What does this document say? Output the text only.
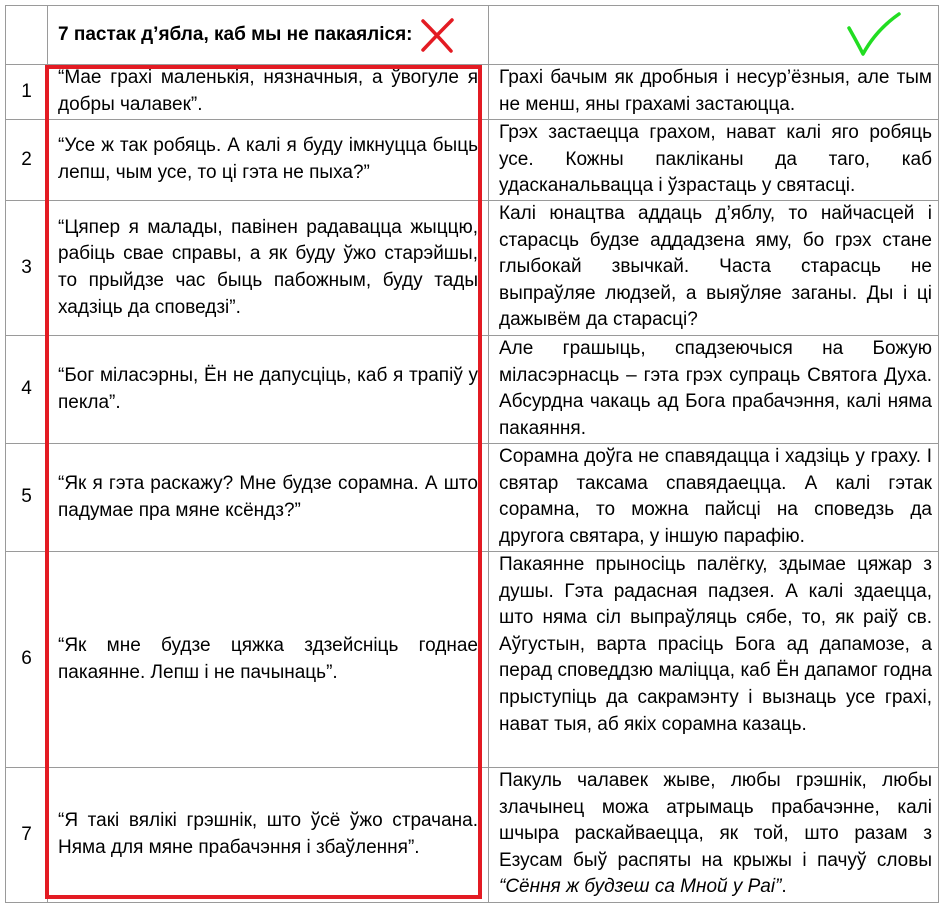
	7 пастак д’ябла, каб мы не пакаяліся:

1	“Мае грахі маленькія, нязначныя, а ўвогуле я добры чалавек”.	Грахі бачым як дробныя і несур’ёзныя, але тым не менш, яны грахамі застаюцца.
2	“Усе ж так робяць. А калі я буду імкнуцца быць лепш, чым усе, то ці гэта не пыха?”	Грэх застаецца грахом, нават калі яго робяць усе. Кожны пакліканы да таго, каб удасканальвацца і ўзрастаць у святасці.
3	“Цяпер я малады, павінен радавацца жыццю, рабіць свае справы, а як буду ўжо старэйшы, то прыйдзе час быць пабожным, буду тады хадзіць да споведзі”.	Калі юнацтва аддаць д’яблу, то найчасцей і старасць будзе аддадзена яму, бо грэх стане глыбокай звычкай. Часта старасць не выпраўляе людзей, а выяўляе заганы. Ды і ці дажывём да старасці?
4	“Бог міласэрны, Ён не дапусціць, каб я трапіў у пекла”.	Але грашыць, спадзеючыся на Божую міласэрнасць – гэта грэх супраць Святога Духа. Абсурдна чакаць ад Бога прабачэння, калі няма пакаяння.
5	“Як я гэта раскажу? Мне будзе сорамна. А што падумае пра мяне ксёндз?”	Сорамна доўга не спавядацца і хадзіць у граху. І святар таксама спавядаецца. А калі гэтак сорамна, то можна пайсці на споведзь да другога святара, у іншую парафію.
6	“Як мне будзе цяжка здзейсніць годнае пакаянне. Лепш і не пачынаць”.	Пакаянне прыносіць палёгку, здымае цяжар з душы. Гэта радасная падзея. А калі здаецца, што няма сіл выпраўляць сябе, то, як раіў св. Аўгустын, варта прасіць Бога ад дапамозе, а перад споведдзю маліцца, каб Ён дапамог годна прыступіць да сакрамэнту і вызнаць усе грахі, нават тыя, аб якіх сорамна казаць.
7	“Я такі вялікі грэшнік, што ўсё ўжо страчана. Няма для мяне прабачэння і збаўлення”.	Пакуль чалавек жыве, любы грэшнік, любы злачынец можа атрымаць прабачэнне, калі шчыра раскайваецца, як той, што разам з Езусам быў распяты на крыжы і пачуў словы “Сёння ж будзеш са Мной у Раі”.
